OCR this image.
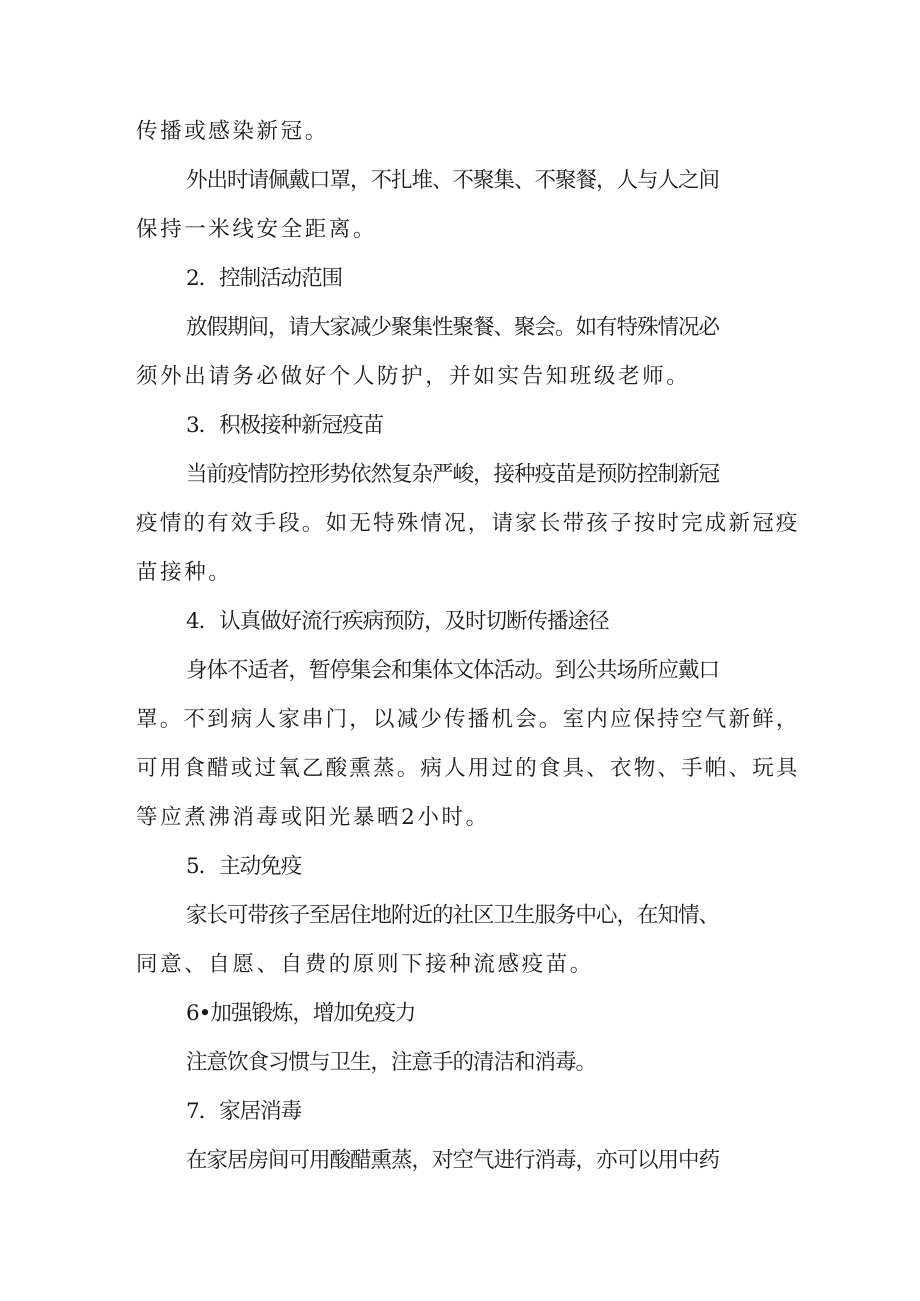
传播或感染新冠。

外出时请佩戴口罩，不扎堆、不聚集、不聚餐，人与人之间

保持一米线安全距离。

2．控制活动范围

放假期间，请大家减少聚集性聚餐、聚会。如有特殊情况必

须外出请务必做好个人防护，并如实告知班级老师。

3．积极接种新冠疫苗

当前疫情防控形势依然复杂严峻，接种疫苗是预防控制新冠

疫情的有效手段。如无特殊情况，请家长带孩子按时完成新冠疫

苗接种。

4．认真做好流行疾病预防，及时切断传播途径

身体不适者，暂停集会和集体文体活动。到公共场所应戴口

罩。不到病人家串门，以减少传播机会。室内应保持空气新鲜，

可用食醋或过氧乙酸熏蒸。病人用过的食具、衣物、手帕、玩具

等应煮沸消毒或阳光暴晒2小时。

5．主动免疫

家长可带孩子至居住地附近的社区卫生服务中心，在知情、

同意、自愿、自费的原则下接种流感疫苗。

6•加强锻炼，增加免疫力

注意饮食习惯与卫生，注意手的清洁和消毒。

7．家居消毒

在家居房间可用酸醋熏蒸，对空气进行消毒，亦可以用中药
